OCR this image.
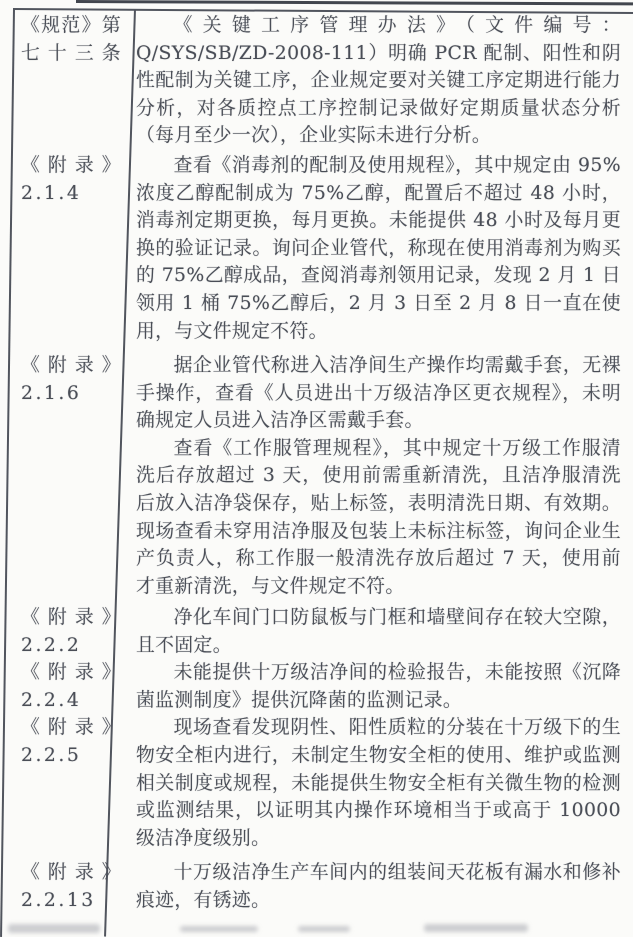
《规范》第
七十三条

《关键工序管理办法》（文件编号：Q⁠/⁠SYS⁠/⁠SB⁠/⁠ZD⁠-⁠2008⁠-⁠111）明确 PCR 配制、阳性和阴性配制为关键工序，企业规定要对关键工序定期进行能力分析，对各质控点工序控制记录做好定期质量状态分析（每月至少一次），企业实际未进行分析。

《附录》
2.1.4

查看《消毒剂的配制及使用规程》，其中规定由 95%浓度乙醇配制成为 75%乙醇，配置后不超过 48 小时，消毒剂定期更换，每月更换。未能提供 48 小时及每月更换的验证记录。询问企业管代，称现在使用消毒剂为购买的 75%乙醇成品，查阅消毒剂领用记录，发现 2 月 1 日领用 1 桶 75%乙醇后，2 月 3 日至 2 月 8 日一直在使用，与文件规定不符。

《附录》
2.1.6

据企业管代称进入洁净间生产操作均需戴手套，无裸手操作，查看《人员进出十万级洁净区更衣规程》，未明确规定人员进入洁净区需戴手套。

查看《工作服管理规程》，其中规定十万级工作服清洗后存放超过 3 天，使用前需重新清洗，且洁净服清洗后放入洁净袋保存，贴上标签，表明清洗日期、有效期。现场查看未穿用洁净服及包装上未标注标签，询问企业生产负责人，称工作服一般清洗存放后超过 7 天，使用前才重新清洗，与文件规定不符。

《附录》
2.2.2

净化车间门口防鼠板与门框和墙壁间存在较大空隙，且不固定。

《附录》
2.2.4

未能提供十万级洁净间的检验报告，未能按照《沉降菌监测制度》提供沉降菌的监测记录。

《附录》
2.2.5

现场查看发现阴性、阳性质粒的分装在十万级下的生物安全柜内进行，未制定生物安全柜的使用、维护或监测相关制度或规程，未能提供生物安全柜有关微生物的检测或监测结果，以证明其内操作环境相当于或高于 10000 级洁净度级别。

《附录》
2.2.13

十万级洁净生产车间内的组装间天花板有漏水和修补痕迹，有锈迹。
